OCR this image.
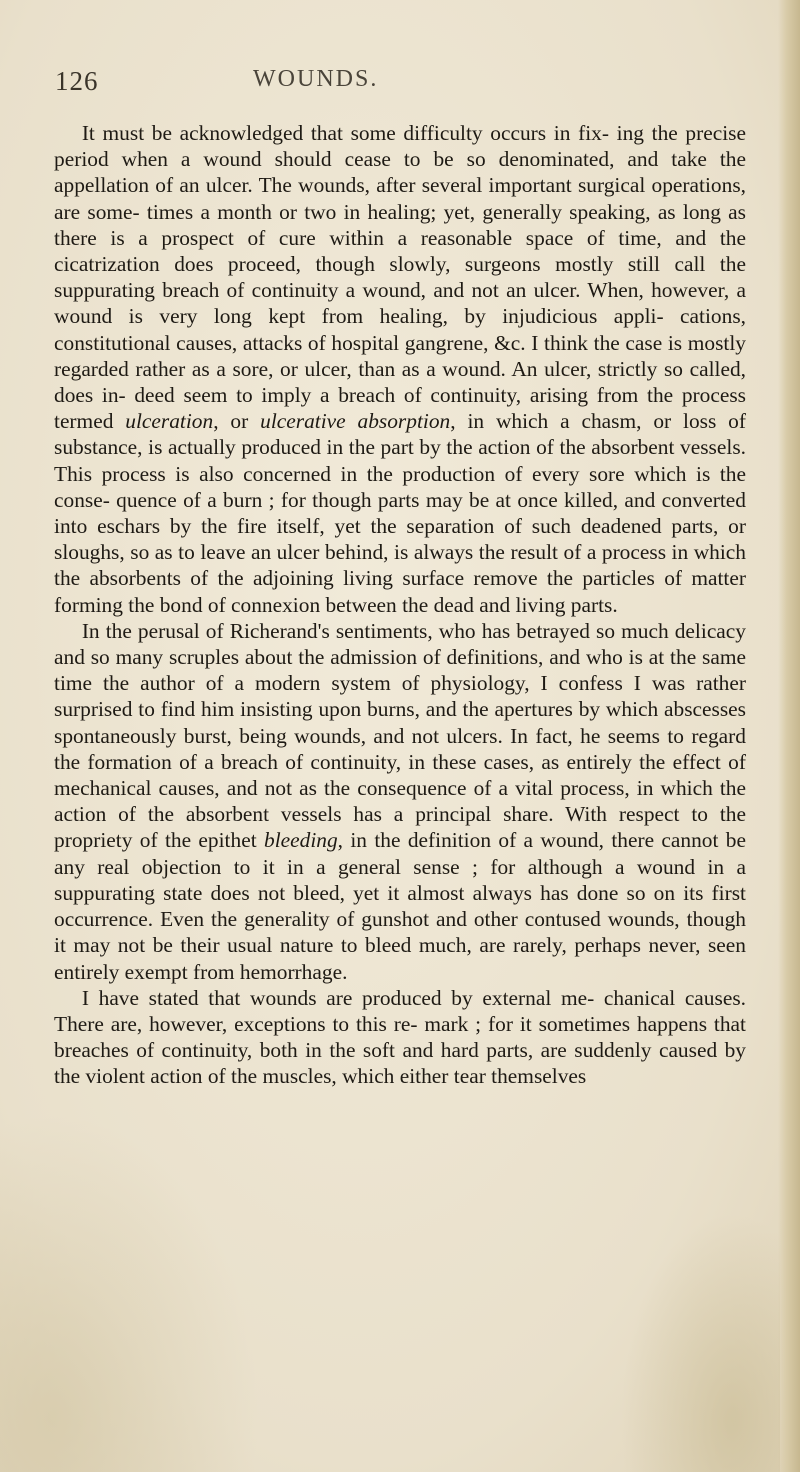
126	WOUNDS.

It must be acknowledged that some difficulty occurs in fix- ing the precise period when a wound should cease to be so denominated, and take the appellation of an ulcer. The wounds, after several important surgical operations, are some- times a month or two in healing; yet, generally speaking, as long as there is a prospect of cure within a reasonable space of time, and the cicatrization does proceed, though slowly, surgeons mostly still call the suppurating breach of continuity a wound, and not an ulcer. When, however, a wound is very long kept from healing, by injudicious appli- cations, constitutional causes, attacks of hospital gangrene, &c. I think the case is mostly regarded rather as a sore, or ulcer, than as a wound. An ulcer, strictly so called, does in- deed seem to imply a breach of continuity, arising from the process termed ulceration, or ulcerative absorption, in which a chasm, or loss of substance, is actually produced in the part by the action of the absorbent vessels. This process is also concerned in the production of every sore which is the conse- quence of a burn ; for though parts may be at once killed, and converted into eschars by the fire itself, yet the separation of such deadened parts, or sloughs, so as to leave an ulcer behind, is always the result of a process in which the absorbents of the adjoining living surface remove the particles of matter forming the bond of connexion between the dead and living parts.

In the perusal of Richerand's sentiments, who has betrayed so much delicacy and so many scruples about the admission of definitions, and who is at the same time the author of a modern system of physiology, I confess I was rather surprised to find him insisting upon burns, and the apertures by which abscesses spontaneously burst, being wounds, and not ulcers. In fact, he seems to regard the formation of a breach of continuity, in these cases, as entirely the effect of mechanical causes, and not as the consequence of a vital process, in which the action of the absorbent vessels has a principal share. With respect to the propriety of the epithet bleeding, in the definition of a wound, there cannot be any real objection to it in a general sense ; for although a wound in a suppurating state does not bleed, yet it almost always has done so on its first occurrence. Even the generality of gunshot and other contused wounds, though it may not be their usual nature to bleed much, are rarely, perhaps never, seen entirely exempt from hemorrhage.

I have stated that wounds are produced by external me- chanical causes. There are, however, exceptions to this re- mark ; for it sometimes happens that breaches of continuity, both in the soft and hard parts, are suddenly caused by the violent action of the muscles, which either tear themselves
